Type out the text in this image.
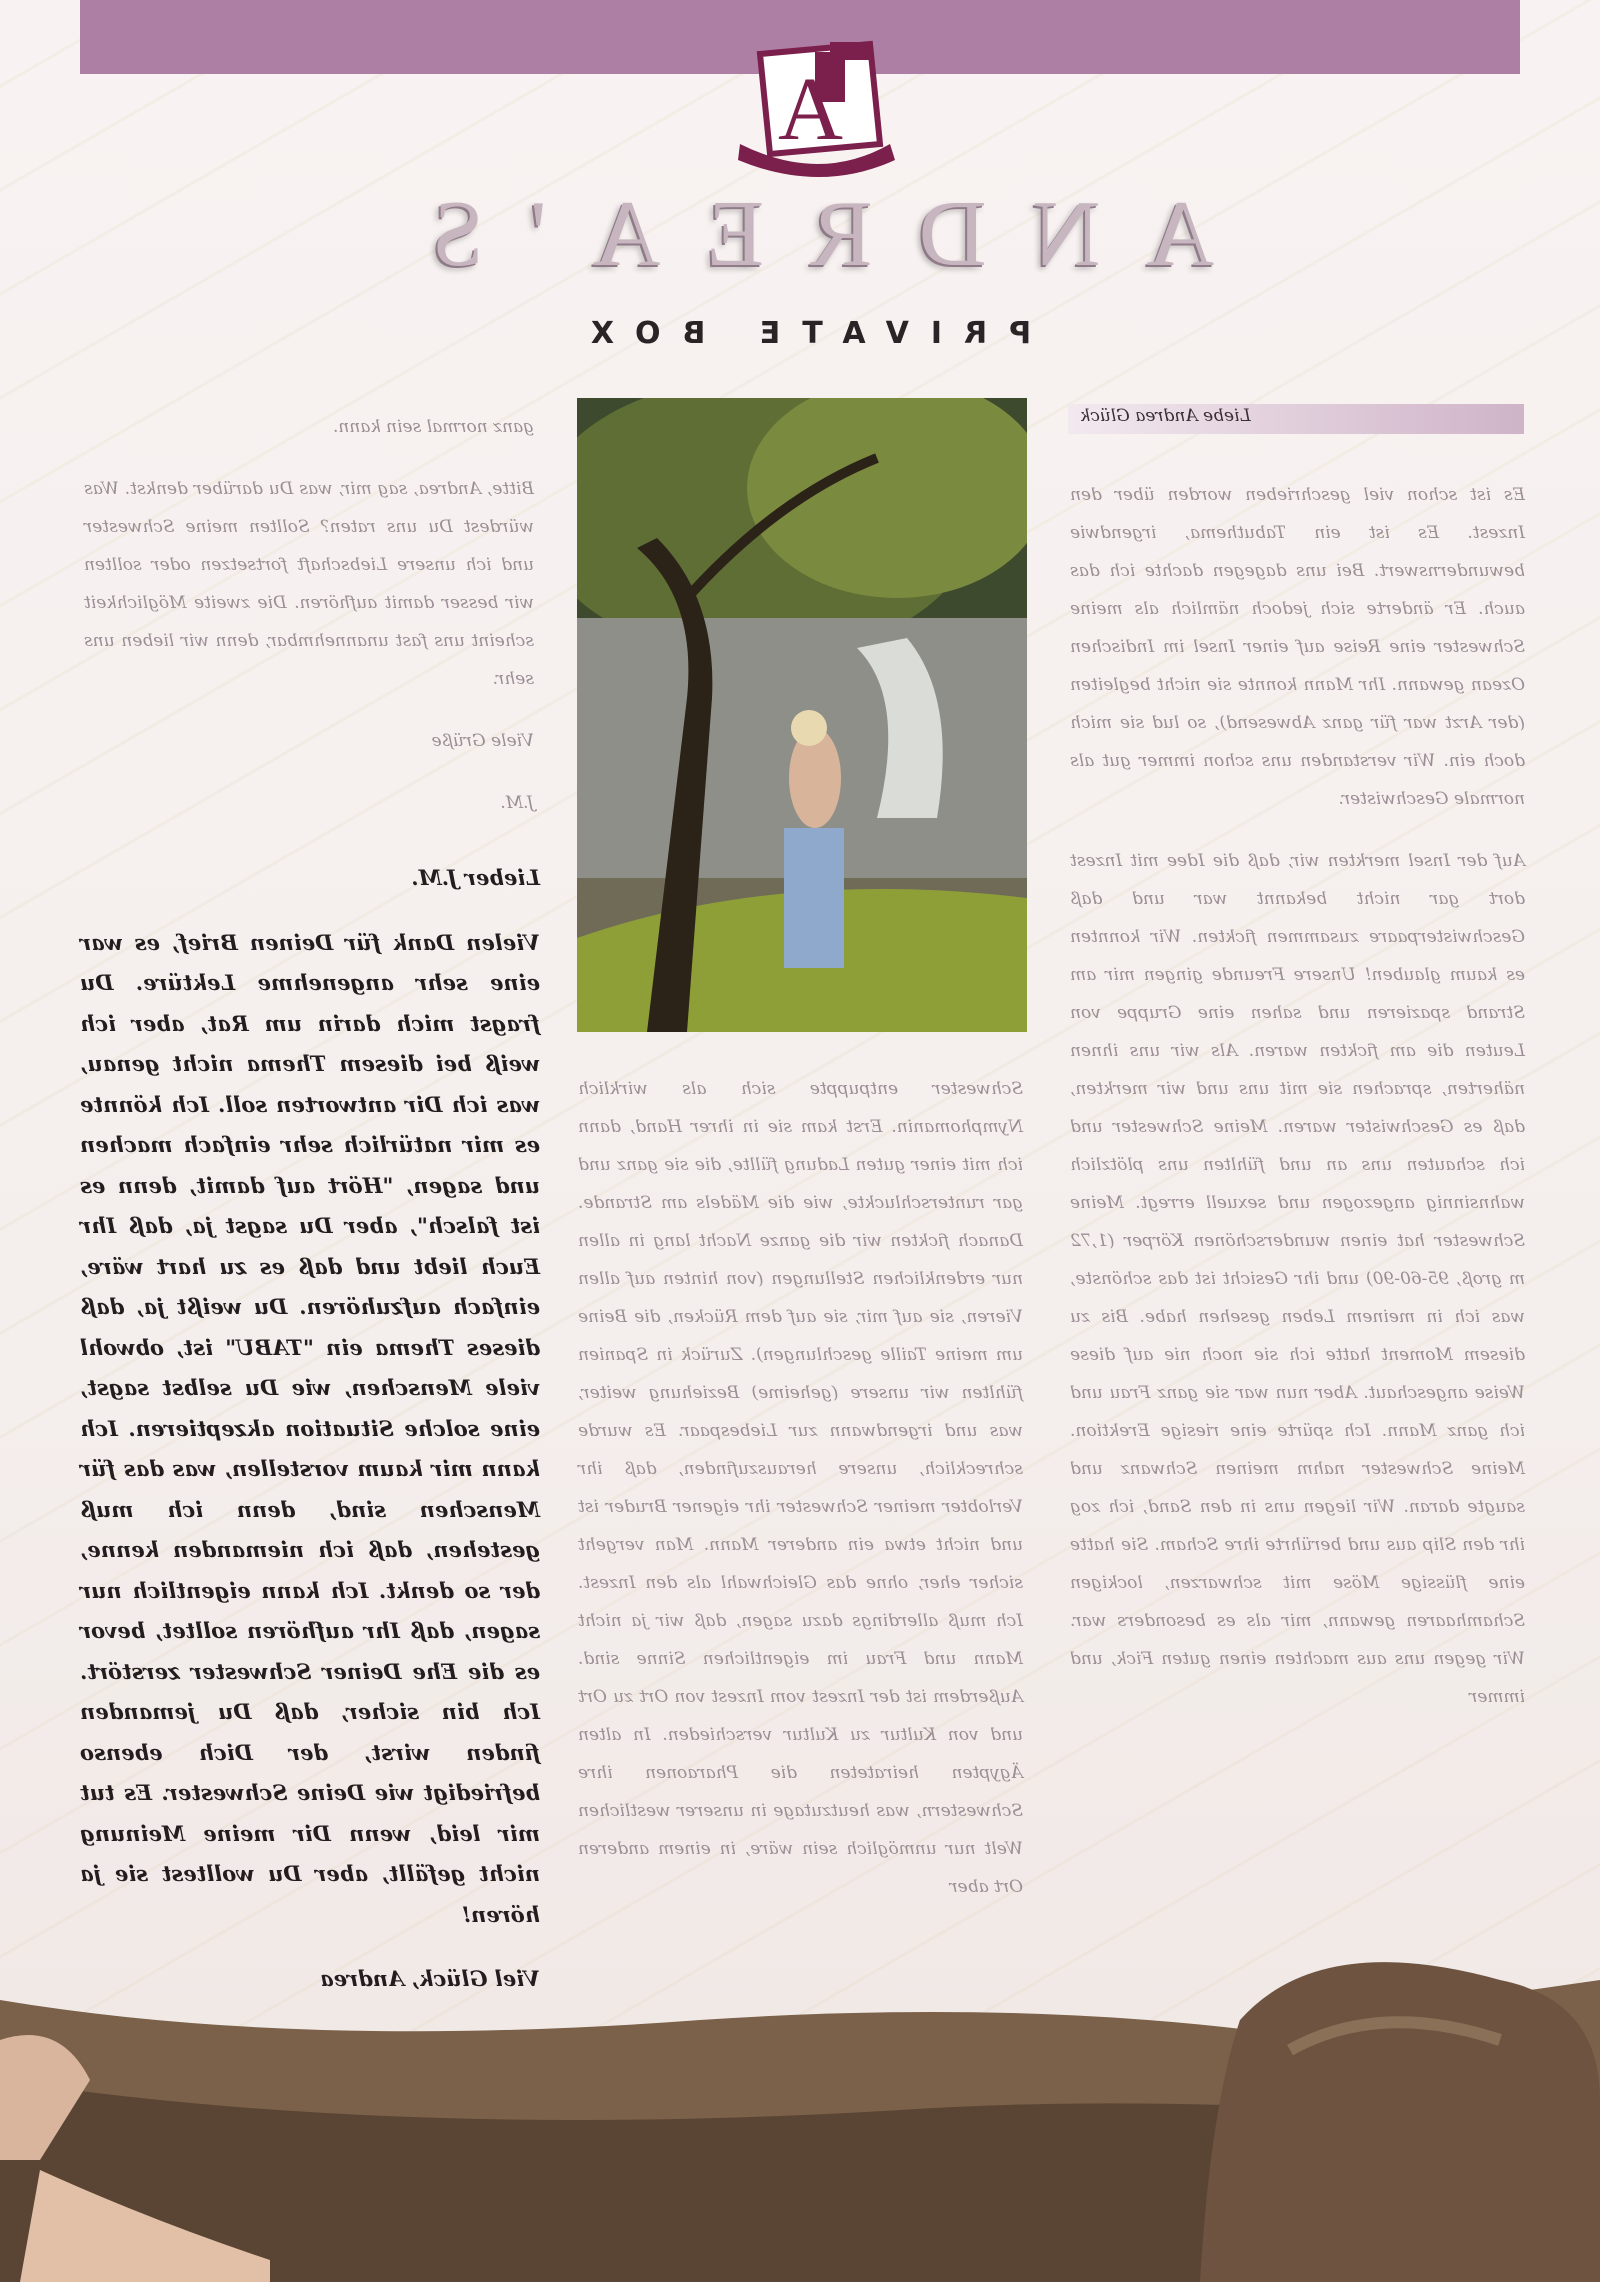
A
ANDREA'S
PRIVATE BOX
Liebe Andrea Glück

Es ist schon viel geschrieben worden über den Inzest. Es ist ein Tabuthema, irgendwie bewundernswert. Bei uns dagegen dachte ich das auch. Er änderte sich jedoch nämlich als meine Schwester eine Reise auf einer Insel im Indischen Ozean gewann. Ihr Mann konnte sie nicht begleiten (der Arzt war für ganz Abwesend), so lud sie mich doch ein. Wir verstanden uns schon immer gut als normale Geschwister.

Auf der Insel merkten wir, daß die Idee mit Inzest dort gar nicht bekannt war und daß Geschwisterpaare zusammen fickten. Wir konnten es kaum glauben! Unsere Freunde gingen mir am Strand spazieren und sahen eine Gruppe von Leuten die am fickten waren. Als wir uns ihnen näherten, sprachen sie mit uns und wir merkten, daß es Geschwister waren. Meine Schwester und ich schauten uns an und fühlten uns plötzlich wahnsinnig angezogen und sexuell erregt. Meine Schwester hat einen wunderschönen Körper (1,72 m groß, 95-60-90) und ihr Gesicht ist das schönste, was ich in meinem Leben gesehen habe. Bis zu diesem Moment hatte ich sie noch nie auf diese Weise angeschaut. Aber nun war sie ganz Frau und ich ganz Mann. Ich spürte eine riesige Erektion. Meine Schwester nahm meinen Schwanz und saugte daran. Wir liegen uns in den Sand, ich zog ihr den Slip aus und berührte ihre Scham. Sie hatte eine flüssige Möse mit schwarzen, lockigen Schamhaaren gewann, mir als es besonders war. Wir gegen uns aus machten einen guten Fick, und immer

ganz normal sein kann.

Bitte, Andrea, sag mir, was Du darüber denkst. Was würdest Du uns raten? Sollten meine Schwester und ich unsere Liebschaft fortsetzen oder sollten wir besser damit aufhören. Die zweite Möglichkeit scheint uns fast unannehmbar, denn wir lieben uns sehr.

Viele Grüße

J.M.

Lieber J.M.

Vielen Dank für Deinen Brief, es war eine sehr angenehme Lektüre. Du fragst mich darin um Rat, aber ich weiß bei diesem Thema nicht genau, was ich Dir antworten soll. Ich könnte es mir natürlich sehr einfach machen und sagen, "Hört auf damit, denn es ist falsch", aber Du sagst ja, daß Ihr Euch liebt und daß es zu hart wäre, einfach aufzuhören. Du weißt ja, daß dieses Thema ein "TABU" ist, obwohl viele Menschen, wie Du selbst sagst, eine solche Situation akzeptieren. Ich kann mir kaum vorstellen, was das für Menschen sind, denn ich muß gestehen, daß ich niemanden kenne, der so denkt. Ich kann eigentlich nur sagen, daß Ihr aufhören solltet, bevor es die Ehe Deiner Schwester zerstört. Ich bin sicher, daß Du jemanden finden wirst, der Dich ebenso befriedigt wie Deine Schwester. Es tut mir leid, wenn Dir meine Meinung nicht gefällt, aber Du wolltest sie ja hören!

Viel Glück, Andrea

Schwester entpuppte sich als wirklich Nymphomanin. Erst kam sie in ihrer Hand, dann ich mit einer guten Ladung füllte, die sie ganz und gar runterschluckte, wie die Mädels am Strande. Danach fickten wir die ganze Nacht lang in allen nur erdenklichen Stellungen (von hinten auf allen Vieren, sie auf mir, sie auf dem Rücken, die Beine um meine Taille geschlungen). Zurück in Spanien fühlten wir unsere (geheime) Beziehung weiter, was und irgendwann zur Liebespaar. Es wurde schrecklich, unsere herauszufinden, daß ihr Verlobter meiner Schwester ihr eigener Bruder ist und nicht etwa ein anderer Mann. Man vergeht sicher eher, ohne das Gleichwahl als den Inzest. Ich muß allerdings dazu sagen, daß wir ja nicht Mann und Frau im eigentlichen Sinne sind. Außerdem ist der Inzest vom Inzest von Ort zu Ort und von Kultur zu Kultur verschieden. In alten Ägypten heirateten die Pharaonen ihre Schwestern, was heutzutage in unserer westlichen Welt nur unmöglich sein wäre, in einem anderen Ort aber
